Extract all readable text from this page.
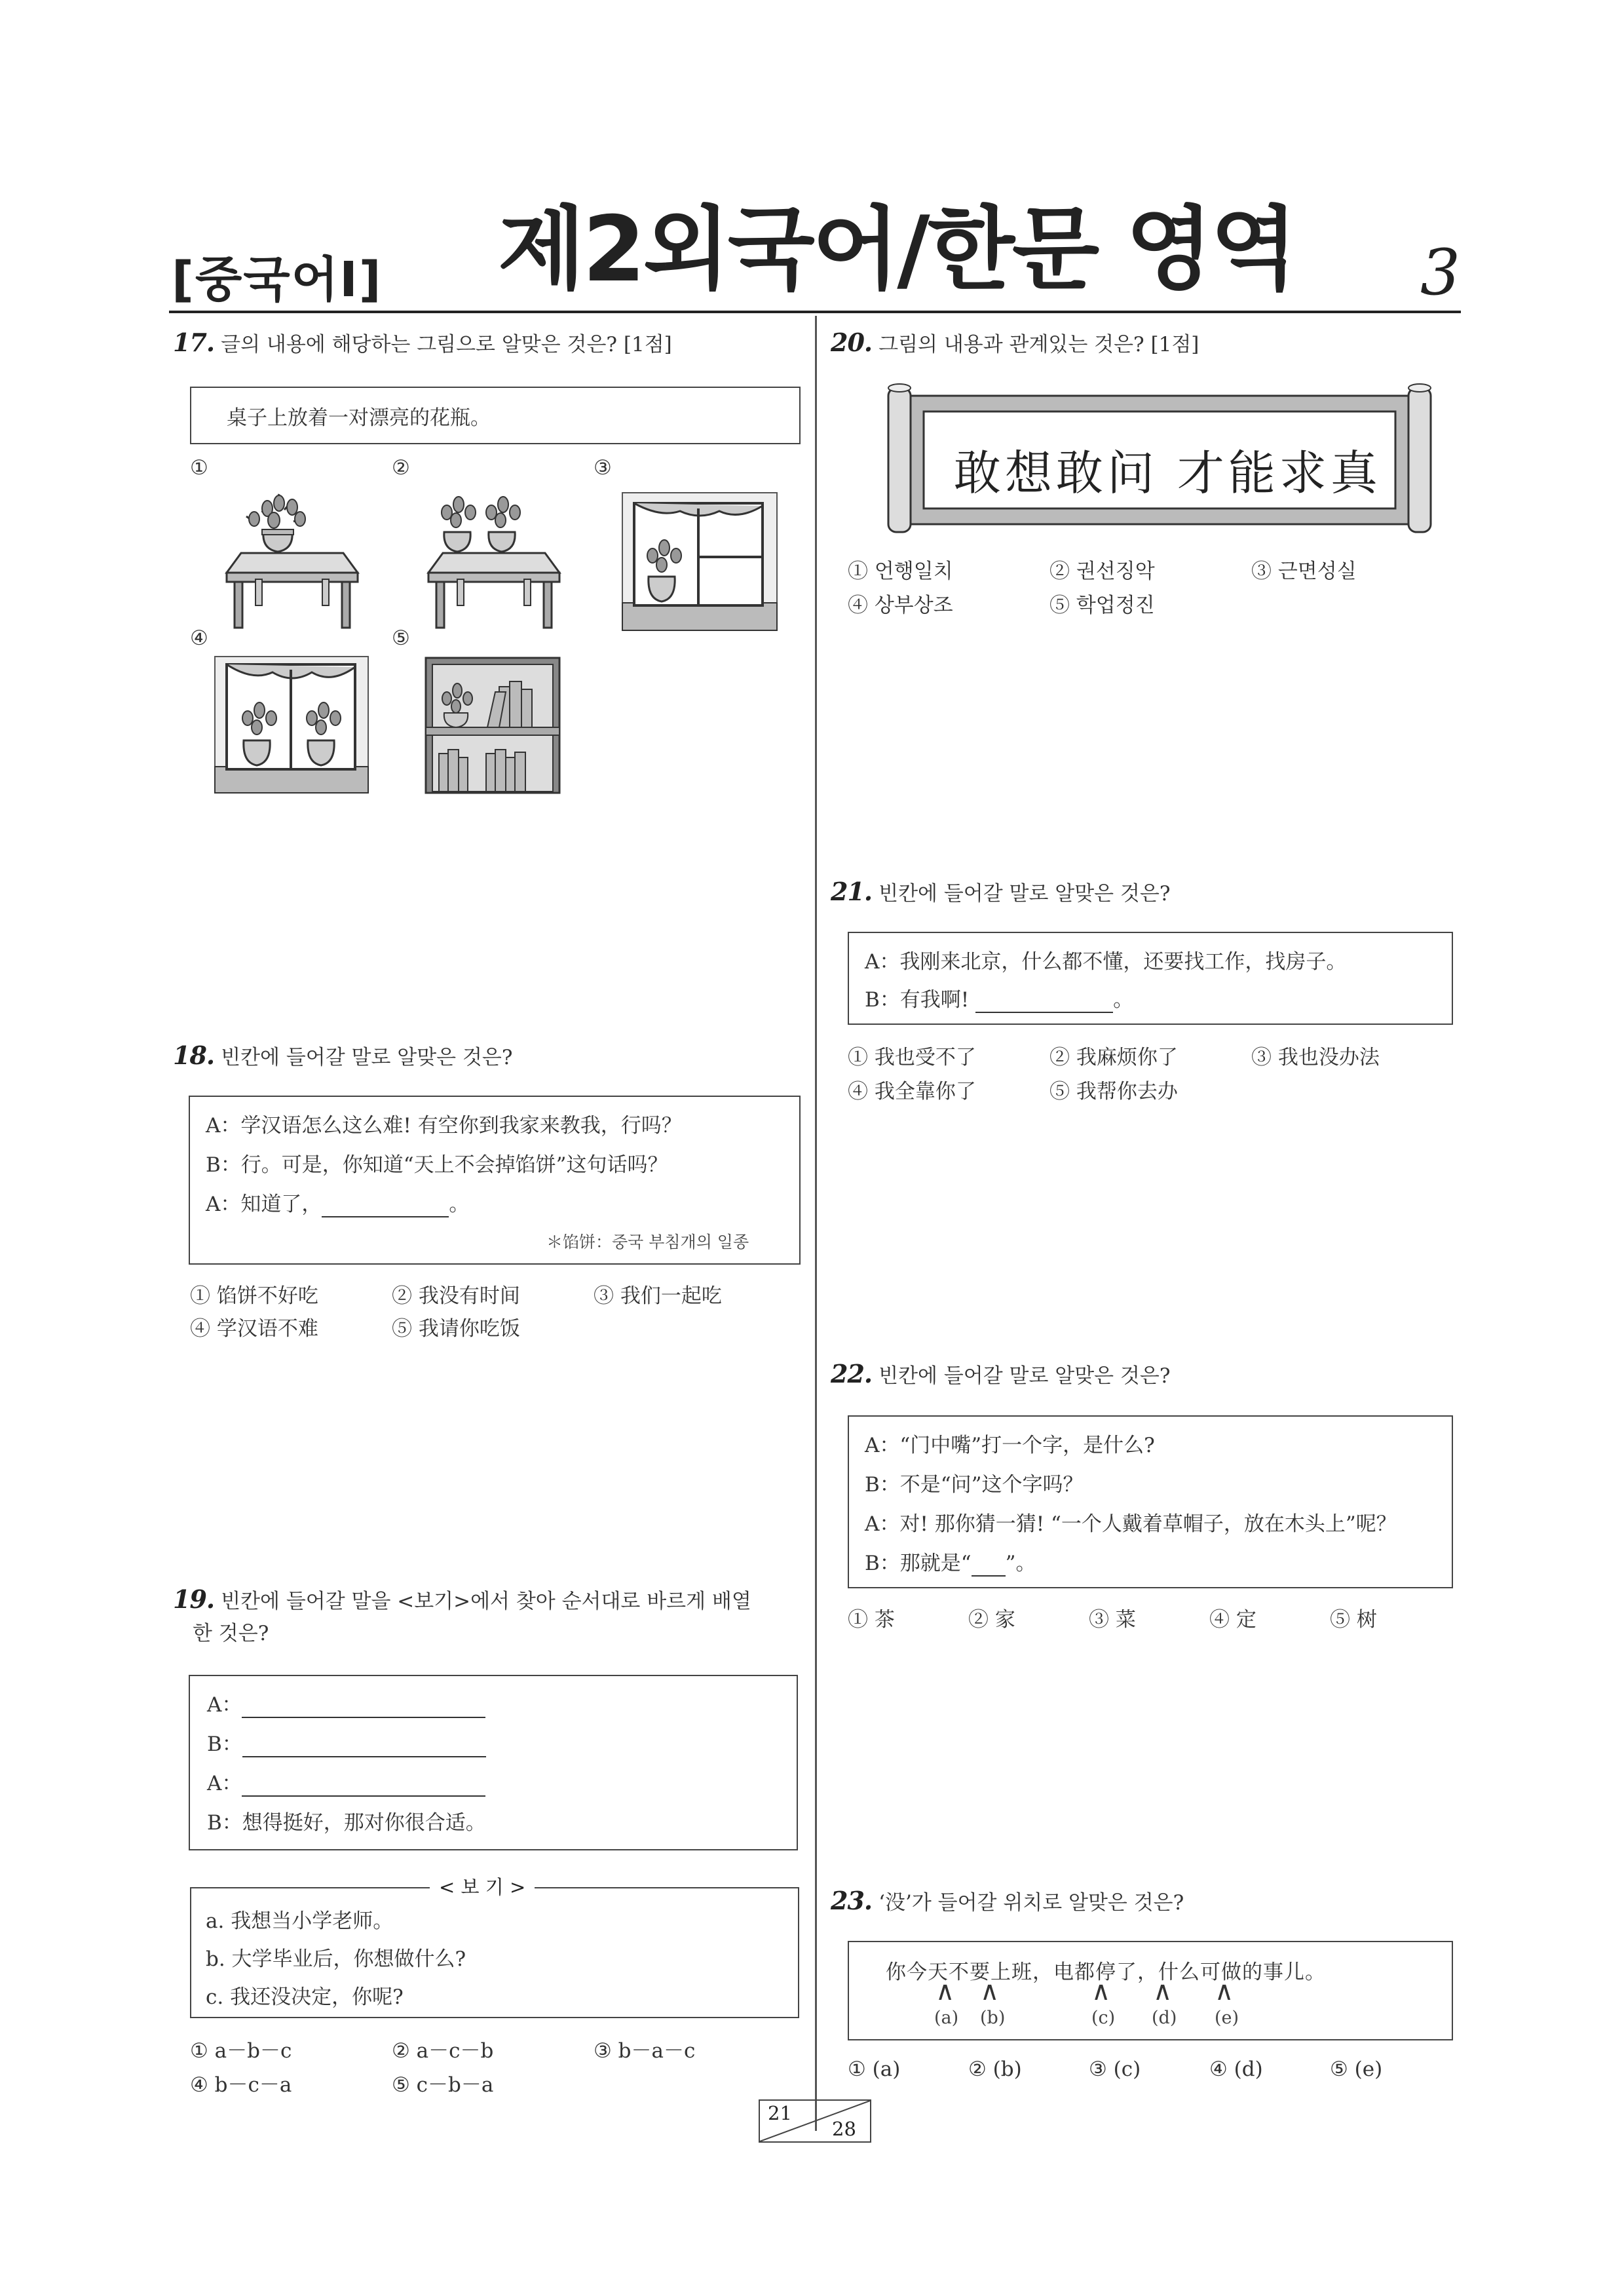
[중국어Ⅰ] 제2외국어/한문 영역 3
17. 글의 내용에 해당하는 그림으로 알맞은 것은? [1점]
桌子上放着一对漂亮的花瓶。
①	②	③
④	⑤
18. 빈칸에 들어갈 말로 알맞은 것은?
A：学汉语怎么这么难! 有空你到我家来教我，行吗？
B：行。可是，你知道“天上不会掉馅饼”这句话吗？
A：知道了，	。
＊馅饼：중국 부침개의 일종
① 馅饼不好吃	② 我没有时间	③ 我们一起吃
④ 学汉语不难	⑤ 我请你吃饭
19. 빈칸에 들어갈 말을 <보기>에서 찾아 순서대로 바르게 배열
한 것은?
A：
B：
A：
B：想得挺好，那对你很合适。
a. 我想当小学老师。
b. 大学毕业后，你想做什么?
c. 我还没决定，你呢?
< 보 기 >
① a－b－c	② a－c－b	③ b－a－c
④ b－c－a	⑤ c－b－a
20. 그림의 내용과 관계있는 것은? [1점]
敢想敢问 才能求真
① 언행일치	② 권선징악	③ 근면성실
④ 상부상조	⑤ 학업정진
21. 빈칸에 들어갈 말로 알맞은 것은?
A：我刚来北京，什么都不懂，还要找工作，找房子。
B：有我啊!	。
① 我也受不了	② 我麻烦你了	③ 我也没办法
④ 我全靠你了	⑤ 我帮你去办
22. 빈칸에 들어갈 말로 알맞은 것은?
A：“门中嘴”打一个字，是什么?
B：不是“问”这个字吗？
A：对! 那你猜一猜! “一个人戴着草帽子，放在木头上”呢？
B：那就是“ ”。
① 茶	② 家	③ 菜	④ 定	⑤ 树
23. ‘没’가 들어갈 위치로 알맞은 것은?
你今天不要上班，电都停了，什么可做的事儿。
∧ ∧	∧ ∧ ∧
(a) (b)	(c) (d) (e)
① (a)	② (b)	③ (c)	④ (d)	⑤ (e)
21
28
